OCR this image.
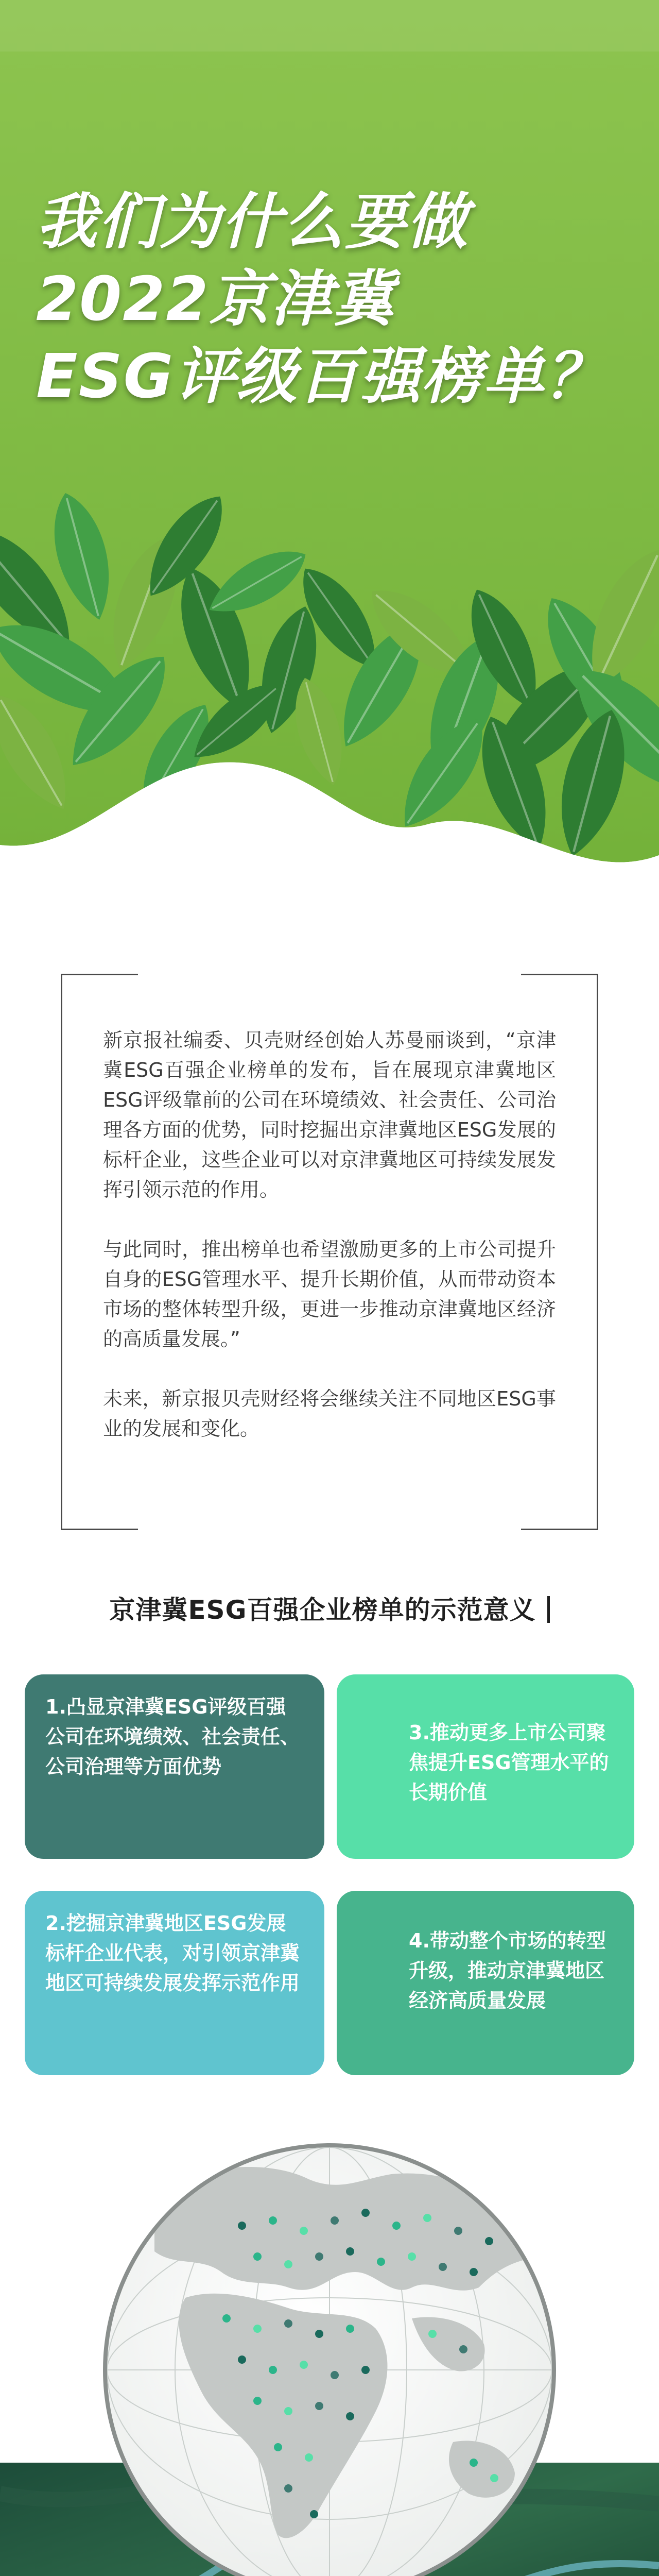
我们为什么要做
2022京津冀
ESG评级百强榜单？

新京报社编委、贝壳财经创始人苏曼丽谈到，“京津冀ESG百强企业榜单的发布，旨在展现京津冀地区ESG评级靠前的公司在环境绩效、社会责任、公司治理各方面的优势，同时挖掘出京津冀地区ESG发展的标杆企业，这些企业可以对京津冀地区可持续发展发挥引领示范的作用。

与此同时，推出榜单也希望激励更多的上市公司提升自身的ESG管理水平、提升长期价值，从而带动资本市场的整体转型升级，更进一步推动京津冀地区经济的高质量发展。”

未来，新京报贝壳财经将会继续关注不同地区ESG事业的发展和变化。

京津冀ESG百强企业榜单的示范意义
1.凸显京津冀ESG评级百强公司在环境绩效、社会责任、公司治理等方面优势
2.挖掘京津冀地区ESG发展标杆企业代表，对引领京津冀地区可持续发展发挥示范作用
3.推动更多上市公司聚焦提升ESG管理水平的长期价值
4.带动整个市场的转型升级，推动京津冀地区经济高质量发展
